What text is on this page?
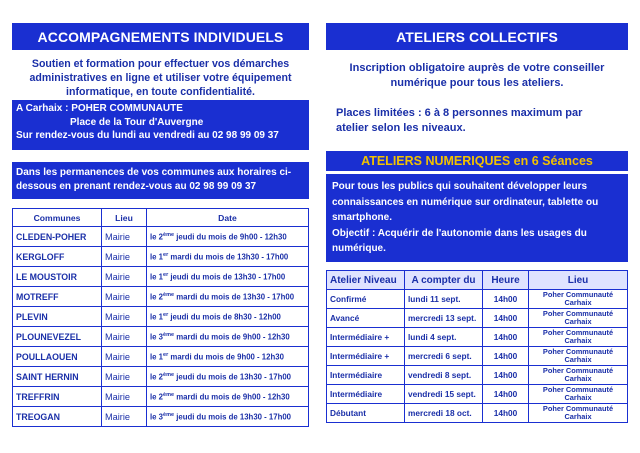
ACCOMPAGNEMENTS INDIVIDUELS
Soutien et formation pour effectuer vos démarches
administratives en ligne et utiliser votre équipement
informatique, en toute confidentialité.
A Carhaix : POHER COMMUNAUTE
Place de la Tour d'Auvergne
Sur rendez-vous du lundi au vendredi au 02 98 99 09 37
Dans les permanences de vos communes aux horaires ci-
dessous en prenant rendez-vous au 02 98 99 09 37
Communes	Lieu	Date
CLEDEN-POHER	Mairie	le 2ème jeudi du mois de 9h00 - 12h30
KERGLOFF	Mairie	le 1er mardi du mois de 13h30 - 17h00
LE MOUSTOIR	Mairie	le 1er jeudi du mois de 13h30 - 17h00
MOTREFF	Mairie	le 2ème mardi du mois de 13h30 - 17h00
PLEVIN	Mairie	le 1er jeudi du mois de 8h30 - 12h00
PLOUNEVEZEL	Mairie	le 3ème mardi du mois de 9h00 - 12h30
POULLAOUEN	Mairie	le 1er mardi du mois de 9h00 - 12h30
SAINT HERNIN	Mairie	le 2ème jeudi du mois de 13h30 - 17h00
TREFFRIN	Mairie	le 2ème mardi du mois de 9h00 - 12h30
TREOGAN	Mairie	le 3ème jeudi du mois de 13h30 - 17h00
ATELIERS COLLECTIFS
Inscription obligatoire auprès de votre conseiller
numérique pour tous les ateliers.
Places limitées : 6 à 8 personnes maximum par
atelier selon les niveaux.
ATELIERS NUMERIQUES en 6 Séances
Pour tous les publics qui souhaitent développer leurs
connaissances en numérique sur ordinateur, tablette ou
smartphone.
Objectif : Acquérir de l'autonomie dans les usages du
numérique.
Atelier Niveau	A compter du	Heure	Lieu
Confirmé	lundi 11 sept.	14h00	Poher Communauté Carhaix
Avancé	mercredi 13 sept.	14h00	Poher Communauté Carhaix
Intermédiaire +	lundi 4 sept.	14h00	Poher Communauté Carhaix
Intermédiaire +	mercredi 6 sept.	14h00	Poher Communauté Carhaix
Intermédiaire	vendredi 8 sept.	14h00	Poher Communauté Carhaix
Intermédiaire	vendredi 15 sept.	14h00	Poher Communauté Carhaix
Débutant	mercredi 18 oct.	14h00	Poher Communauté Carhaix
